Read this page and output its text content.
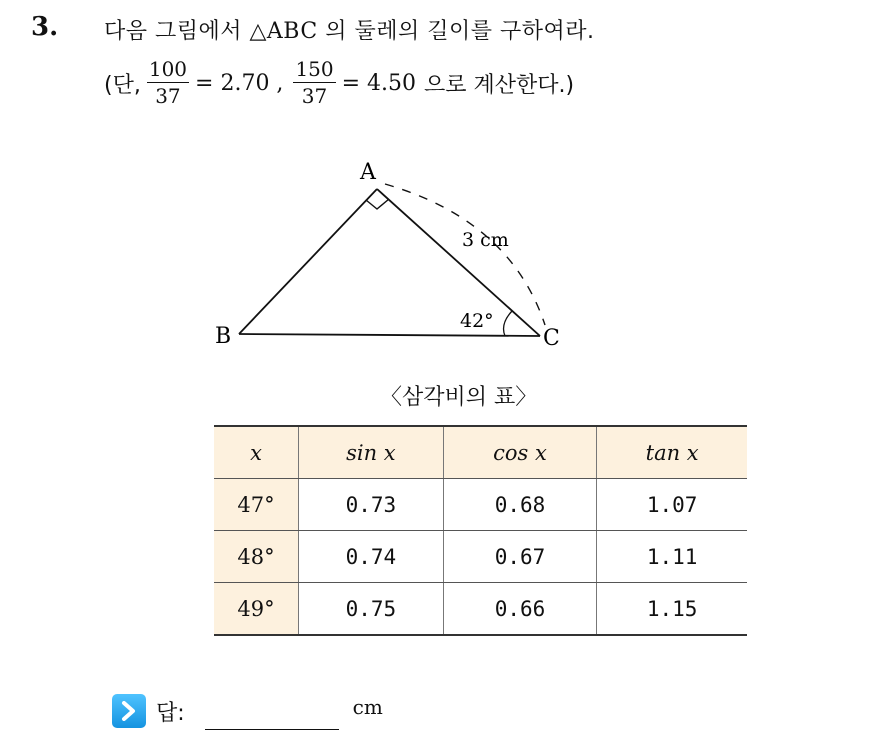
3. 다음 그림에서 △ABC 의 둘레의 길이를 구하여라.
(단, $\frac{100}{37} = 2.70$ , $\frac{150}{37} = 4.50$ 으로 계산한다.)
A
B	C
3 cm
42°
〈삼각비의 표〉
x	sin x	cos x	tan x
47°	0.73	0.68	1.07
48°	0.74	0.67	1.11
49°	0.75	0.66	1.15
답:	cm
